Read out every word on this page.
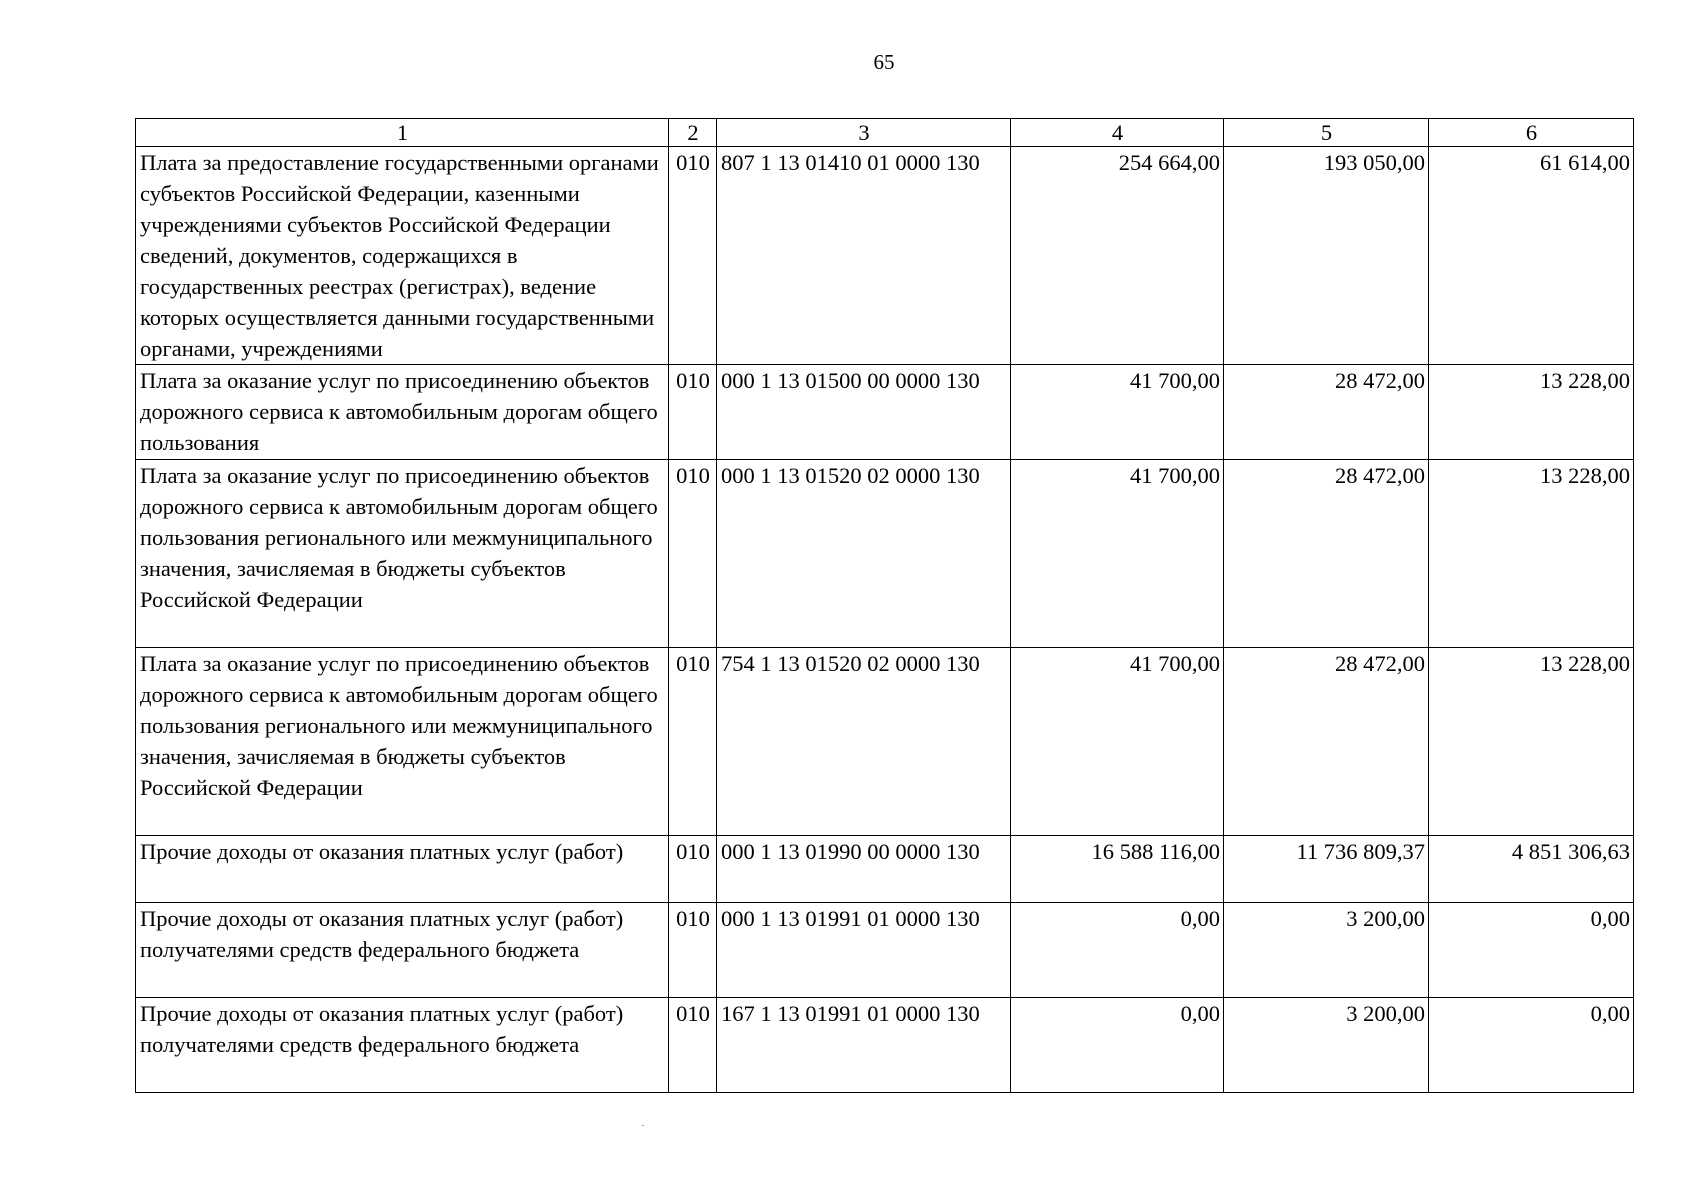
65
1	2	3	4	5	6
Плата за предоставление государственными органами субъектов Российской Федерации, казенными учреждениями субъектов Российской Федерации сведений, документов, содержащихся в государственных реестрах (регистрах), ведение которых осуществляется данными государственными органами, учреждениями	010	807 1 13 01410 01 0000 130	254 664,00	193 050,00	61 614,00
Плата за оказание услуг по присоединению объектов дорожного сервиса к автомобильным дорогам общего пользования	010	000 1 13 01500 00 0000 130	41 700,00	28 472,00	13 228,00
Плата за оказание услуг по присоединению объектов дорожного сервиса к автомобильным дорогам общего пользования регионального или межмуниципального значения, зачисляемая в бюджеты субъектов Российской Федерации	010	000 1 13 01520 02 0000 130	41 700,00	28 472,00	13 228,00
Плата за оказание услуг по присоединению объектов дорожного сервиса к автомобильным дорогам общего пользования регионального или межмуниципального значения, зачисляемая в бюджеты субъектов Российской Федерации	010	754 1 13 01520 02 0000 130	41 700,00	28 472,00	13 228,00
Прочие доходы от оказания платных услуг (работ)	010	000 1 13 01990 00 0000 130	16 588 116,00	11 736 809,37	4 851 306,63
Прочие доходы от оказания платных услуг (работ) получателями средств федерального бюджета	010	000 1 13 01991 01 0000 130	0,00	3 200,00	0,00
Прочие доходы от оказания платных услуг (работ) получателями средств федерального бюджета	010	167 1 13 01991 01 0000 130	0,00	3 200,00	0,00
